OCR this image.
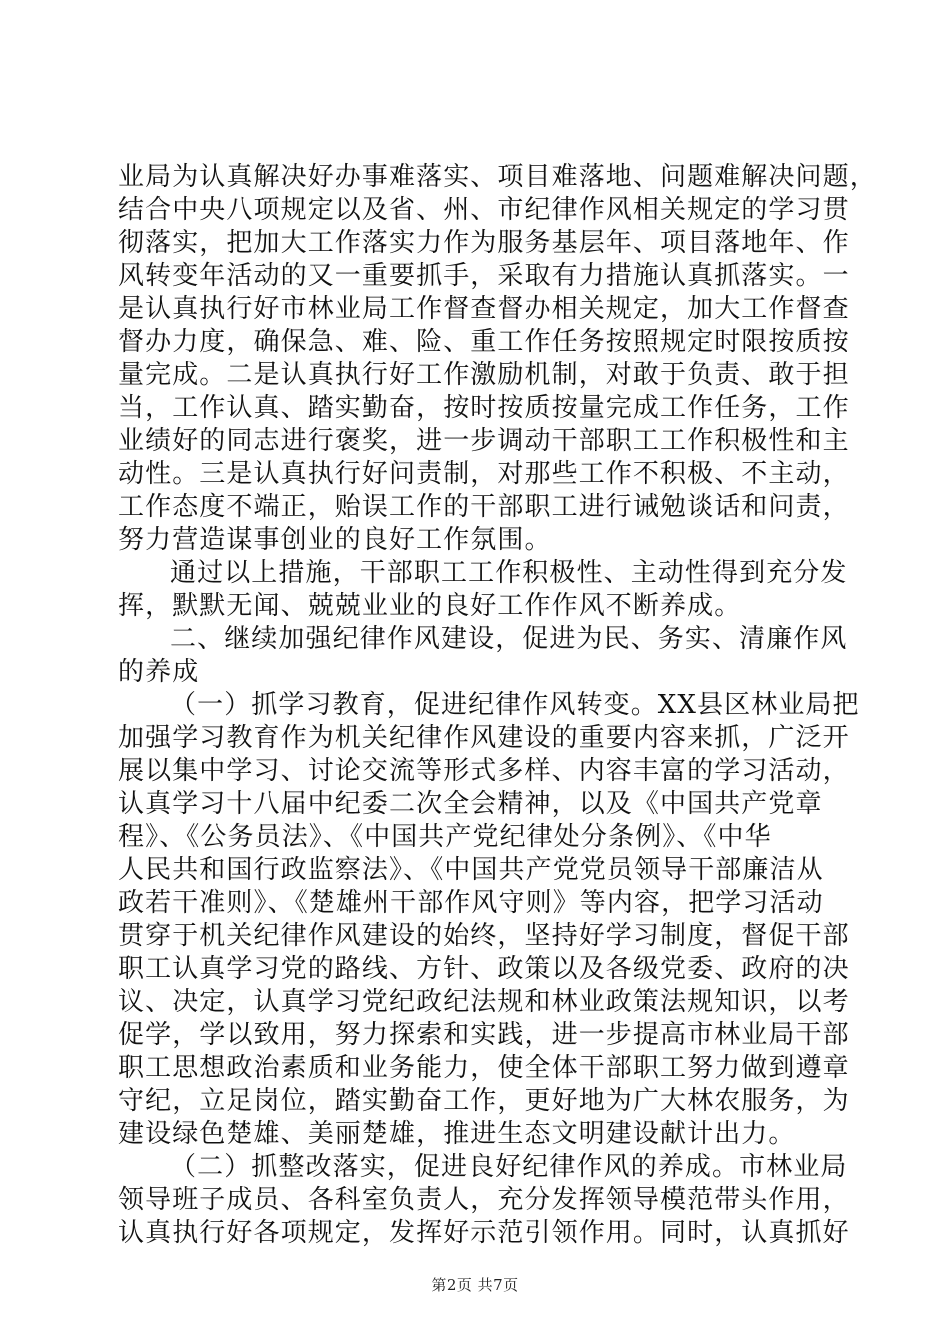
业局为认真解决好办事难落实、项目难落地、问题难解决问题，
结合中央八项规定以及省、州、市纪律作风相关规定的学习贯
彻落实，把加大工作落实力作为服务基层年、项目落地年、作
风转变年活动的又一重要抓手，采取有力措施认真抓落实。一
是认真执行好市林业局工作督查督办相关规定，加大工作督查
督办力度，确保急、难、险、重工作任务按照规定时限按质按
量完成。二是认真执行好工作激励机制，对敢于负责、敢于担
当，工作认真、踏实勤奋，按时按质按量完成工作任务，工作
业绩好的同志进行褒奖，进一步调动干部职工工作积极性和主
动性。三是认真执行好问责制，对那些工作不积极、不主动，
工作态度不端正，贻误工作的干部职工进行诫勉谈话和问责，
努力营造谋事创业的良好工作氛围。
通过以上措施，干部职工工作积极性、主动性得到充分发
挥，默默无闻、兢兢业业的良好工作作风不断养成。
二、继续加强纪律作风建设，促进为民、务实、清廉作风
的养成
（一）抓学习教育，促进纪律作风转变。XX县区林业局把
加强学习教育作为机关纪律作风建设的重要内容来抓，广泛开
展以集中学习、讨论交流等形式多样、内容丰富的学习活动，
认真学习十八届中纪委二次全会精神，以及《中国共产党章
程》、《公务员法》、《中国共产党纪律处分条例》、《中华
人民共和国行政监察法》、《中国共产党党员领导干部廉洁从
政若干准则》、《楚雄州干部作风守则》等内容，把学习活动
贯穿于机关纪律作风建设的始终，坚持好学习制度，督促干部
职工认真学习党的路线、方针、政策以及各级党委、政府的决
议、决定，认真学习党纪政纪法规和林业政策法规知识，以考
促学，学以致用，努力探索和实践，进一步提高市林业局干部
职工思想政治素质和业务能力，使全体干部职工努力做到遵章
守纪，立足岗位，踏实勤奋工作，更好地为广大林农服务，为
建设绿色楚雄、美丽楚雄，推进生态文明建设献计出力。
（二）抓整改落实，促进良好纪律作风的养成。市林业局
领导班子成员、各科室负责人，充分发挥领导模范带头作用，
认真执行好各项规定，发挥好示范引领作用。同时，认真抓好
第2页 共7页
